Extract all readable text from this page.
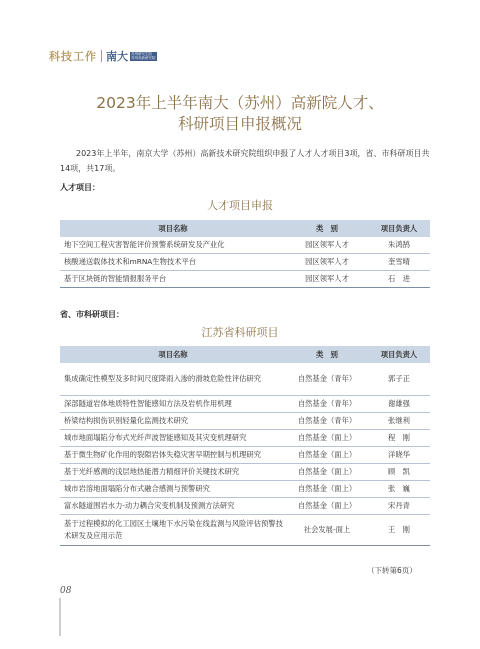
科技工作 南大 苏州研究生院
苏州高新研究院
2023年上半年南大（苏州）高新院人才、
科研项目申报概况

2023年上半年，南京大学（苏州）高新技术研究院组织申报了人才人才项目3项，省、市科研项目共14项，共17项。

人才项目：
人才项目申报
项目名称	类　别	项目负责人
地下空间工程灾害智能评价预警系统研发及产业化	园区领军人才	朱鸿鹄
核酸递送载体技术和mRNA生物技术平台	园区领军人才	奎雪晴
基于区块链的智能情报服务平台	园区领军人才	石　进
省、市科研项目：
江苏省科研项目
项目名称	类　别	项目负责人
集成确定性模型及多时间尺度降雨入渗的滑坡危险性评估研究	自然基金（青年）	郭子正
深部隧道岩体地质特性智能感知方法及岩机作用机理	自然基金（青年）	谢雄强
桥梁结构损伤识别轻量化监测技术研究	自然基金（青年）	张继利
城市地面塌陷分布式光纤声波智能感知及其灾变机理研究	自然基金（面上）	程　刚
基于微生物矿化作用的裂隙岩体失稳灾害早期控制与机理研究	自然基金（面上）	洋晓华
基于光纤感测的浅层地热能潜力精细评价关键技术研究	自然基金（面上）	顾　凯
城市岩溶地面塌陷分布式融合感测与预警研究	自然基金（面上）	张　巍
富水隧道围岩水力-动力耦合灾变机制及预测方法研究	自然基金（面上）	宋丹青
基于过程模拟的化工园区土壤地下水污染在线监测与风险评估预警技术研发及应用示范	社会发展-面上	王　刚
（下转第6页）
08
